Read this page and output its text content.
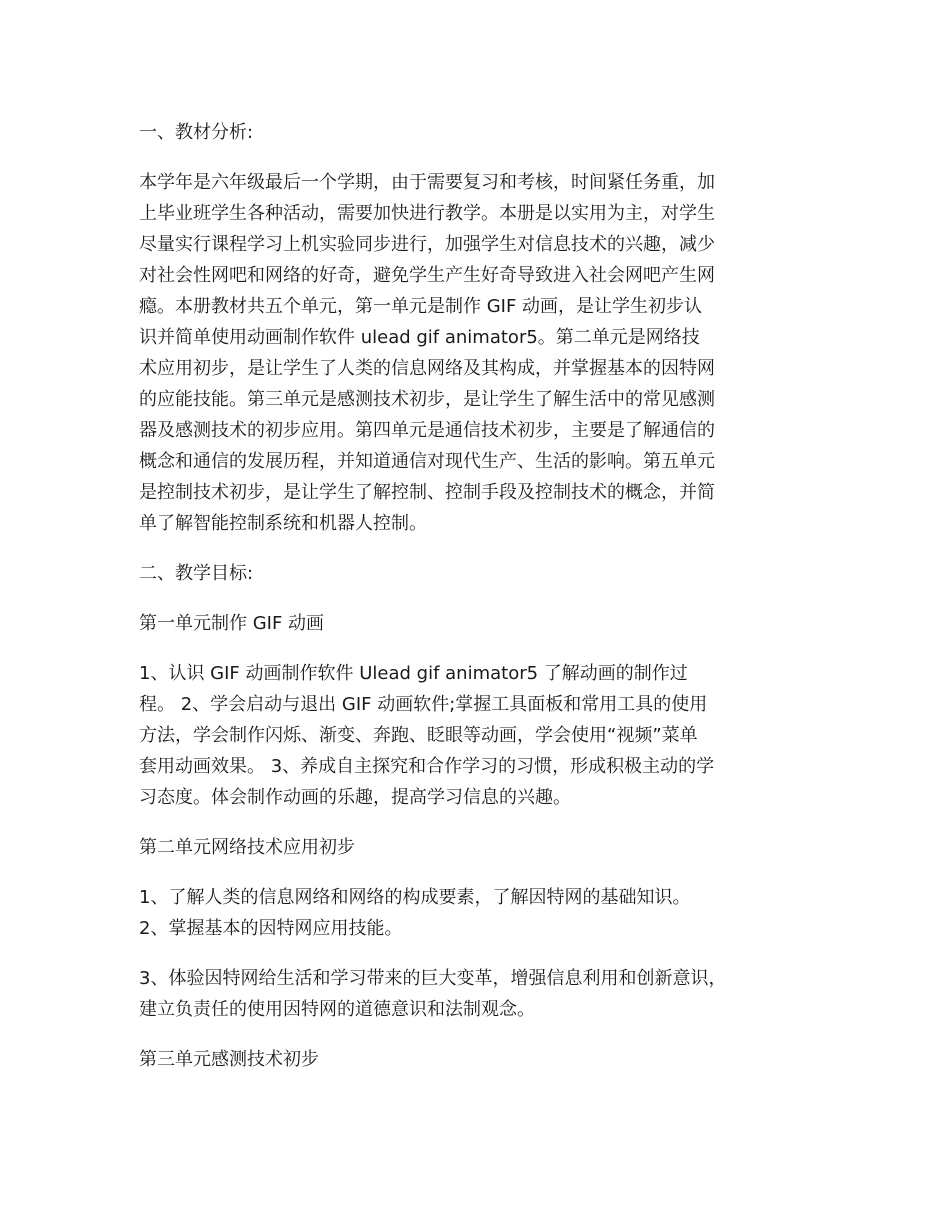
一、教材分析:

本学年是六年级最后一个学期，由于需要复习和考核，时间紧任务重，加
上毕业班学生各种活动，需要加快进行教学。本册是以实用为主，对学生
尽量实行课程学习上机实验同步进行，加强学生对信息技术的兴趣，减少
对社会性网吧和网络的好奇，避免学生产生好奇导致进入社会网吧产生网
瘾。本册教材共五个单元，第一单元是制作 GIF 动画，是让学生初步认
识并简单使用动画制作软件 ulead gif animator5。第二单元是网络技
术应用初步，是让学生了人类的信息网络及其构成，并掌握基本的因特网
的应能技能。第三单元是感测技术初步，是让学生了解生活中的常见感测
器及感测技术的初步应用。第四单元是通信技术初步，主要是了解通信的
概念和通信的发展历程，并知道通信对现代生产、生活的影响。第五单元
是控制技术初步，是让学生了解控制、控制手段及控制技术的概念，并简
单了解智能控制系统和机器人控制。

二、教学目标:

第一单元制作 GIF 动画

1、认识 GIF 动画制作软件 Ulead gif animator5 了解动画的制作过
程。 2、学会启动与退出 GIF 动画软件;掌握工具面板和常用工具的使用
方法，学会制作闪烁、渐变、奔跑、眨眼等动画，学会使用“视频”菜单
套用动画效果。 3、养成自主探究和合作学习的习惯，形成积极主动的学
习态度。体会制作动画的乐趣，提高学习信息的兴趣。

第二单元网络技术应用初步

1、了解人类的信息网络和网络的构成要素，了解因特网的基础知识。
2、掌握基本的因特网应用技能。

3、体验因特网给生活和学习带来的巨大变革，增强信息利用和创新意识，
建立负责任的使用因特网的道德意识和法制观念。

第三单元感测技术初步
